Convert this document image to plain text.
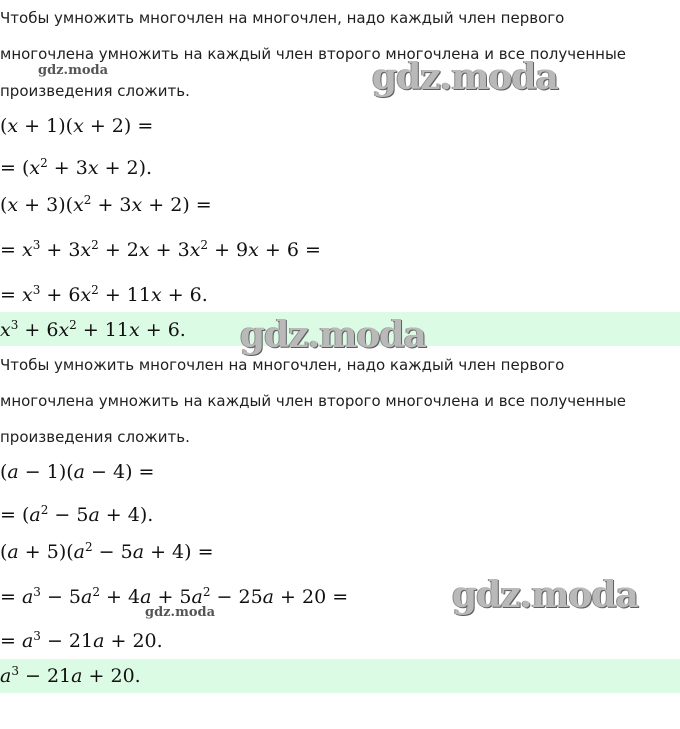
Чтобы умножить многочлен на многочлен, надо каждый член первого
многочлена умножить на каждый член второго многочлена и все полученные
произведения сложить.
(x + 1)(x + 2) =
= $(x^2 + 3x + 2)$.
$(x + 3)(x^2 + 3x + 2)$ =
= $x^3 + 3x^2 + 2x + 3x^2 + 9x + 6$ =
= $x^3 + 6x^2 + 11x + 6$.
$x^3 + 6x^2 + 11x + 6$.
Чтобы умножить многочлен на многочлен, надо каждый член первого
многочлена умножить на каждый член второго многочлена и все полученные
произведения сложить.
(a − 1)(a − 4) =
= $(a^2 - 5a + 4)$.
$(a + 5)(a^2 - 5a + 4)$ =
= $a^3 - 5a^2 + 4a + 5a^2 - 25a + 20$ =
= $a^3 - 21a + 20$.
$a^3 - 21a + 20$.
gdz.moda	gdz.moda
gdz.moda
gdz.moda
gdz.moda
